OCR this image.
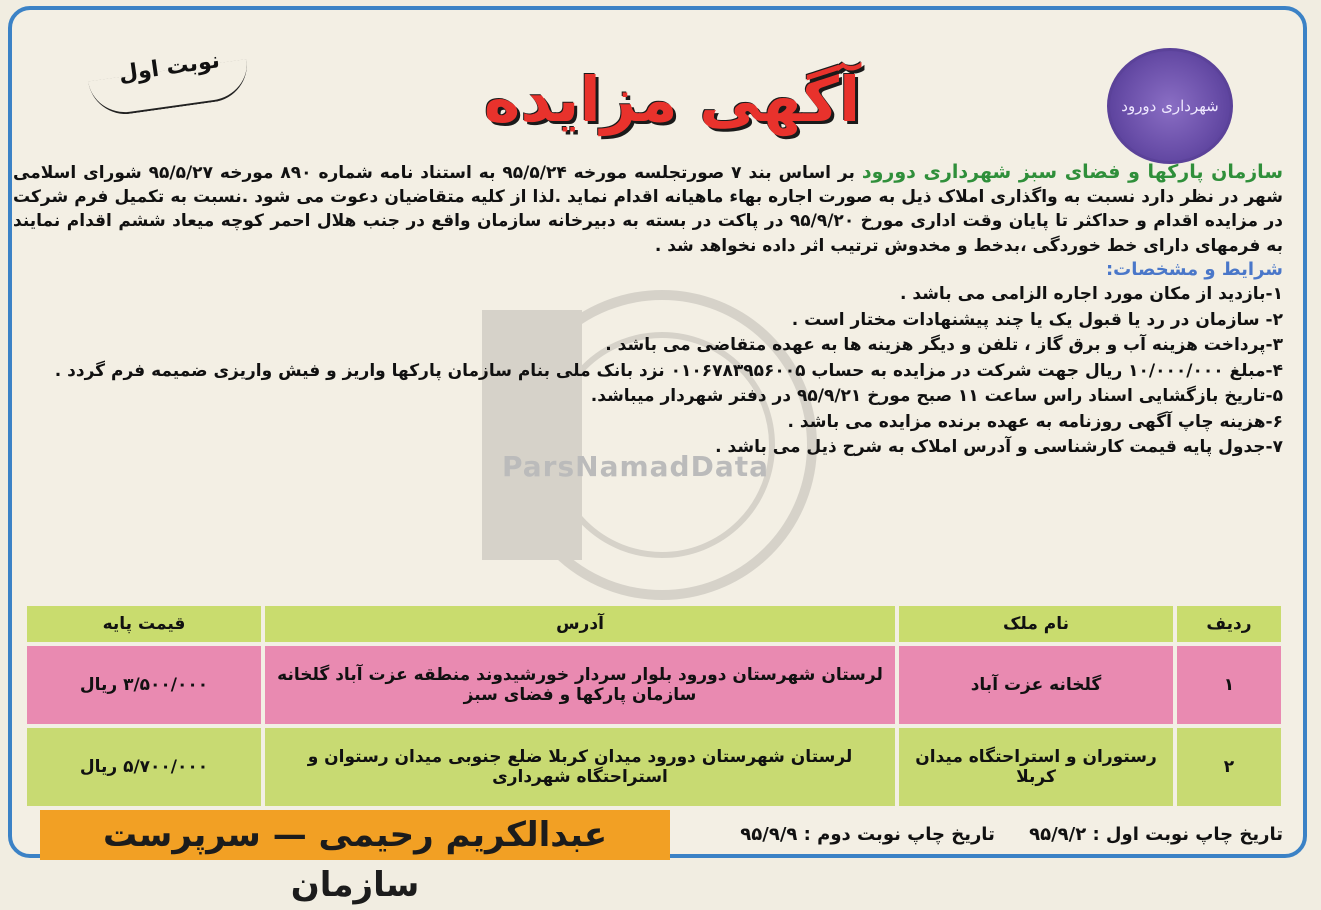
شهرداری دورود
نوبت اول	آگهی مزایده
سازمان پارکها و فضای سبز شهرداری دورود بر اساس بند ۷ صورتجلسه مورخه ۹۵/۵/۲۴ به استناد نامه شماره ۸۹۰ مورخه ۹۵/۵/۲۷ شورای اسلامی شهر در نظر دارد نسبت به واگذاری املاک ذیل به صورت اجاره بهاء ماهیانه اقدام نماید .لذا از کلیه متقاضیان دعوت می شود .نسبت به تکمیل فرم شرکت در مزایده اقدام و حداکثر تا پایان وقت اداری مورخ ۹۵/۹/۲۰ در پاکت در بسته به دبیرخانه سازمان واقع در جنب هلال احمر کوچه میعاد ششم اقدام نمایند به فرمهای دارای خط خوردگی ،بدخط و مخدوش ترتیب اثر داده نخواهد شد .
شرایط و مشخصات:
۱-بازدید از مکان مورد اجاره الزامی می باشد .
۲- سازمان در رد یا قبول یک یا چند پیشنهادات مختار است .
۳-پرداخت هزینه آب و برق گاز ، تلفن و دیگر هزینه ها به عهده متقاضی می باشد .
۴-مبلغ ۱۰/۰۰۰/۰۰۰ ریال جهت شرکت در مزایده به حساب ۰۱۰۶۷۸۳۹۵۶۰۰۵ نزد بانک ملی بنام سازمان پارکها واریز و فیش واریزی ضمیمه فرم گردد .
۵-تاریخ بازگشایی اسناد راس ساعت ۱۱ صبح مورخ ۹۵/۹/۲۱ در دفتر شهردار میباشد.
۶-هزینه چاپ آگهی روزنامه به عهده برنده مزایده می باشد .
۷-جدول پایه قیمت کارشناسی و آدرس املاک به شرح ذیل می باشد .
ParsNamadData
ردیف	نام ملک	آدرس	قیمت پایه
۱	گلخانه عزت آباد	لرستان شهرستان دورود بلوار سردار خورشیدوند منطقه عزت آباد گلخانه سازمان پارکها و فضای سبز	۳/۵۰۰/۰۰۰ ریال
۲	رستوران و استراحتگاه میدان کربلا	لرستان شهرستان دورود میدان کربلا ضلع جنوبی میدان رستوان و استراحتگاه شهرداری	۵/۷۰۰/۰۰۰ ریال
تاریخ چاپ نوبت اول : ۹۵/۹/۲ تاریخ چاپ نوبت دوم : ۹۵/۹/۹
عبدالکریم رحیمی — سرپرست سازمان
